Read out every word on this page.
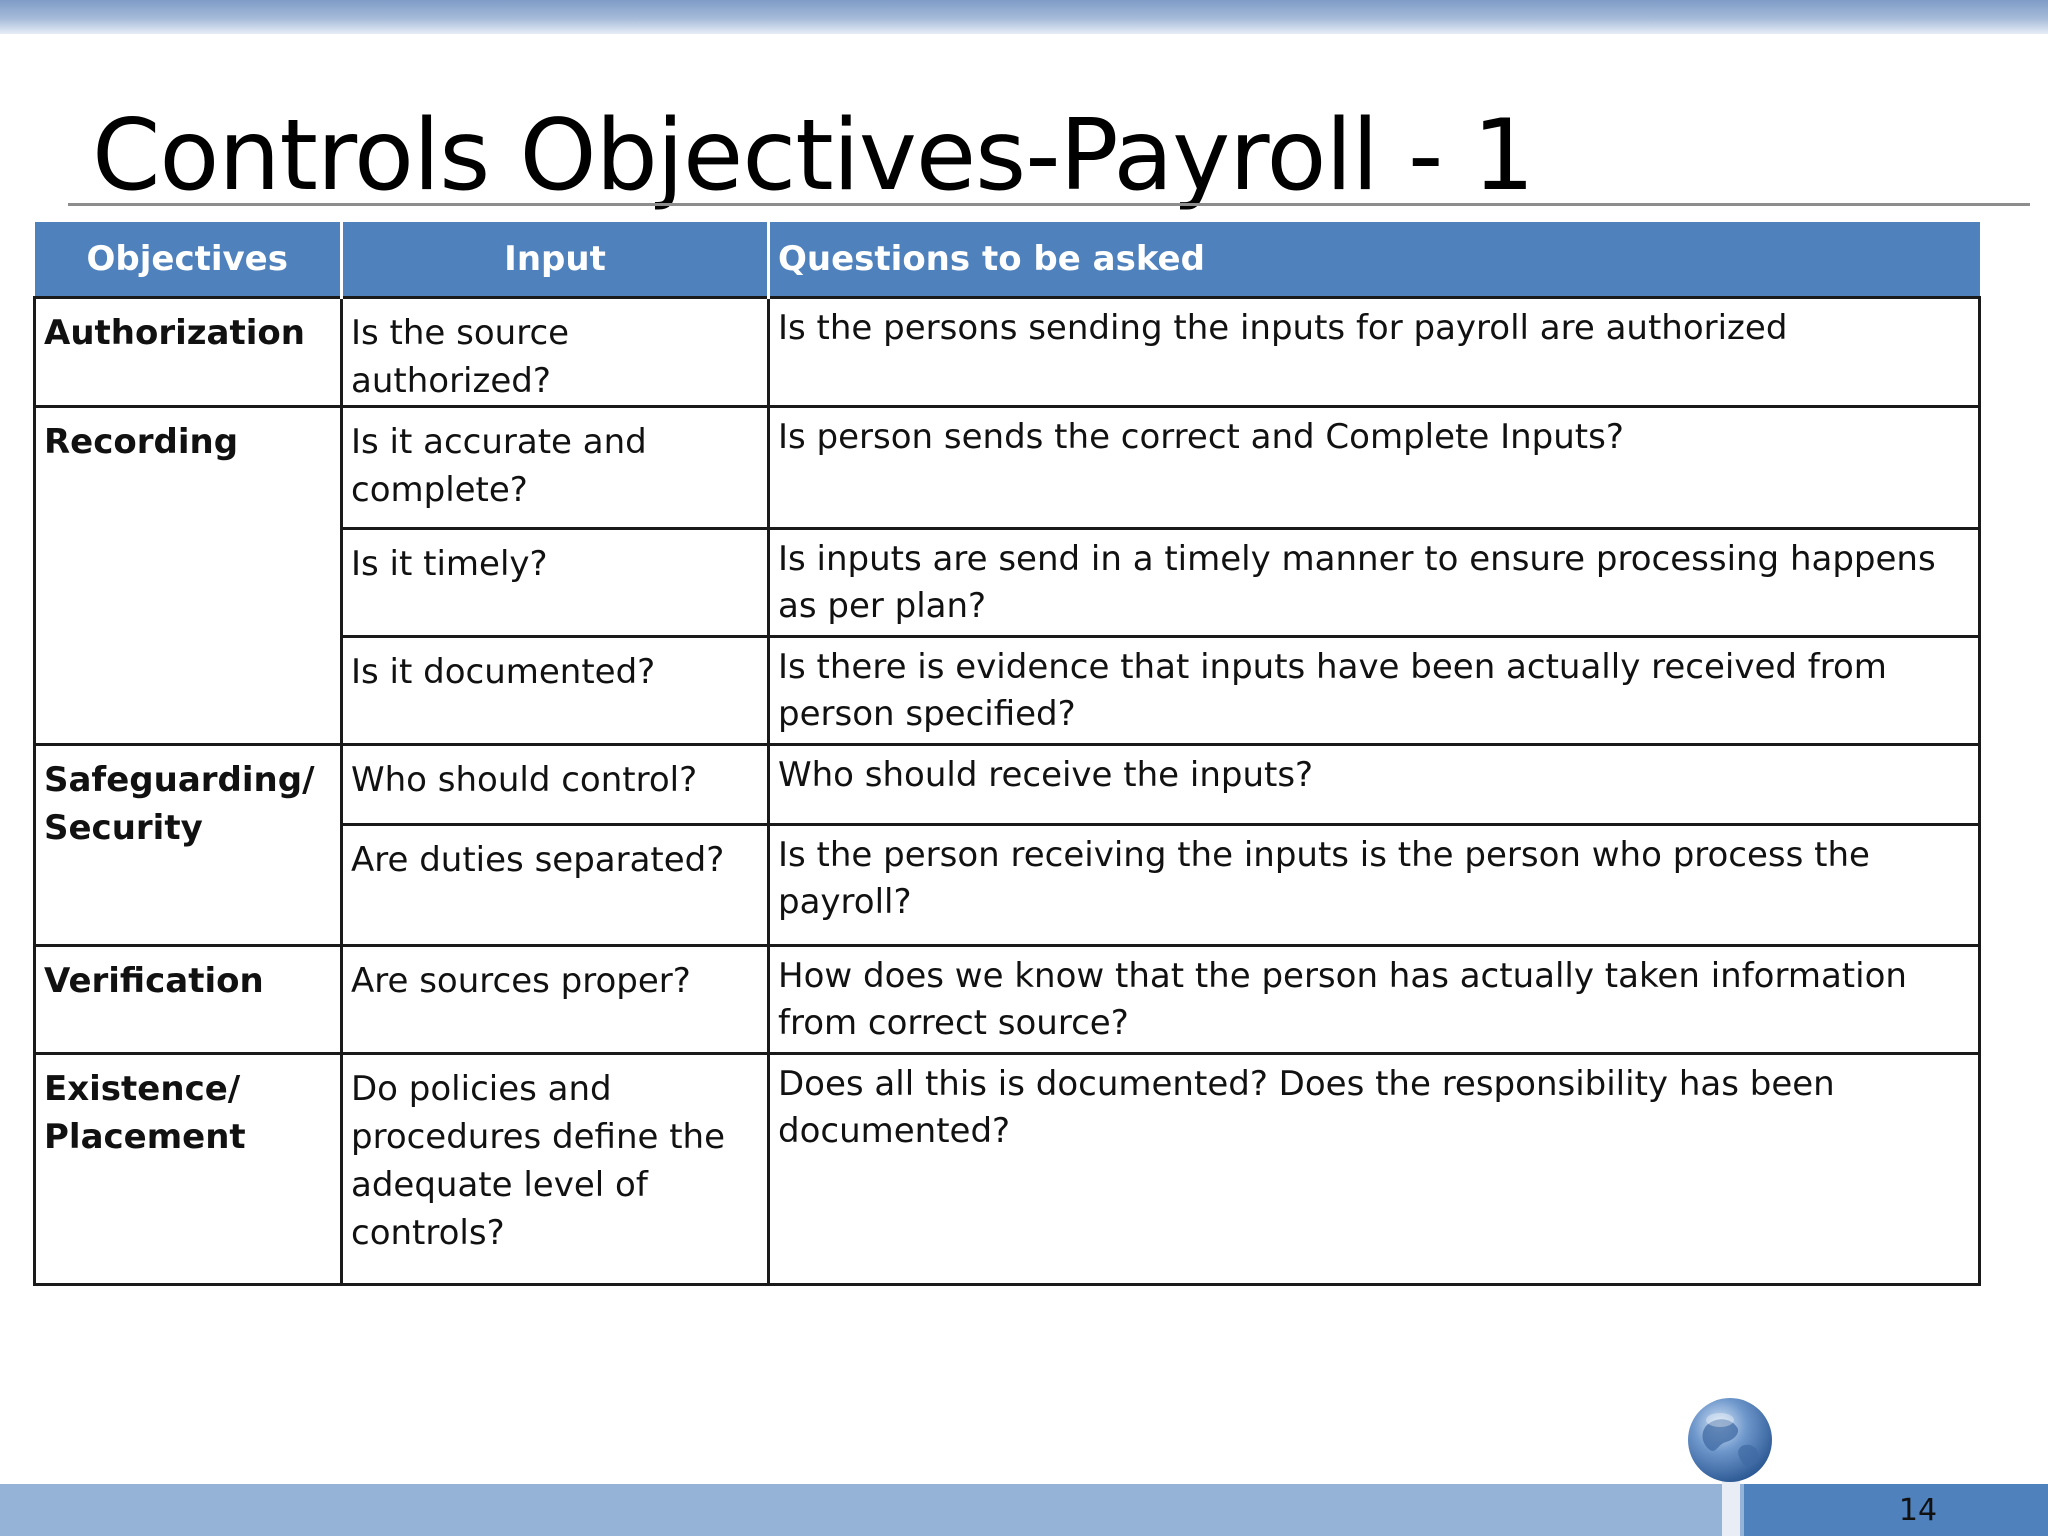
Controls Objectives-Payroll - 1
Objectives	Input	Questions to be asked
Authorization	Is the source authorized?	Is the persons sending the inputs for payroll are authorized
Recording	Is it accurate and complete?	Is person sends the correct and Complete Inputs?
	Is it timely?	Is inputs are send in a timely manner to ensure processing happens as per plan?
	Is it documented?	Is there is evidence that inputs have been actually received from person specified?
Safeguarding/ Security	Who should control?	Who should receive the inputs?
	Are duties separated?	Is the person receiving the inputs is the person who process the payroll?
Verification	Are sources proper?	How does we know that the person has actually taken information from correct source?
Existence/ Placement	Do policies and procedures define the adequate level of controls?	Does all this is documented? Does the responsibility has been documented?
14
